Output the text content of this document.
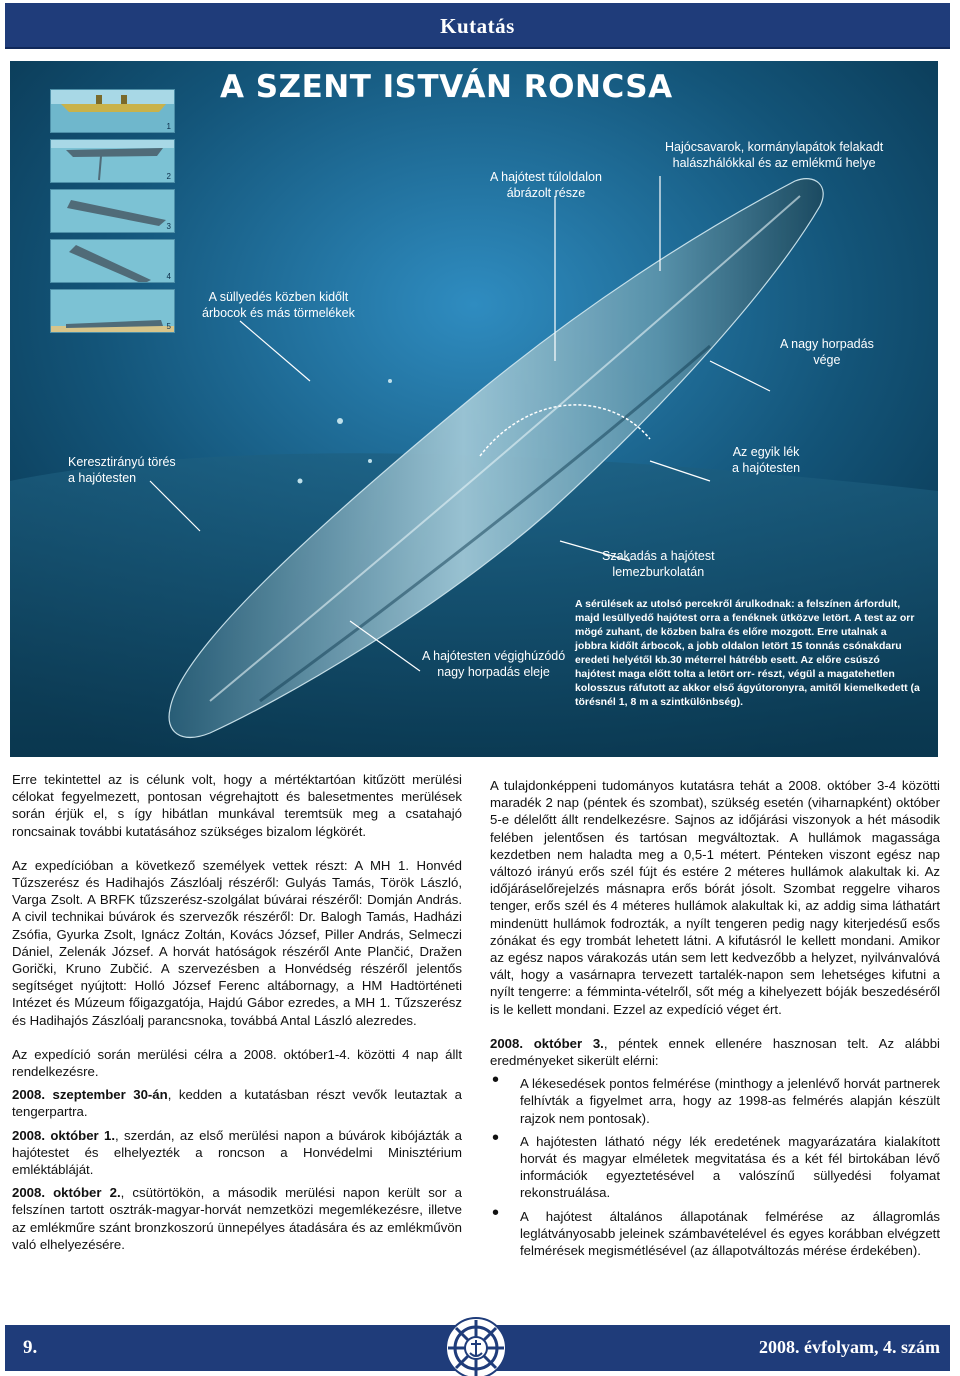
Kutatás
1
2
3
4
5
A SZENT ISTVÁN RONCSA
A hajótest túloldalon
ábrázolt része
Hajócsavarok, kormánylapátok felakadt
halászhálókkal és az emlékmű helye
A süllyedés közben kidőlt
árbocok és más törmelékek
A nagy horpadás
vége
Keresztirányú törés
a hajótesten
Az egyik lék
a hajótesten
Szakadás a hajótest
lemezburkolatán
A hajótesten végighúzódó
nagy horpadás eleje
A sérülések az utolsó percekről árulkodnak: a felszínen árfordult, majd lesüllyedő hajótest orra a fenéknek ütközve letört. A test az orr mögé zuhant, de közben balra és előre mozgott. Erre utalnak a jobbra kidőlt árbocok, a jobb oldalon letört 15 tonnás csónakdaru eredeti helyétől kb.30 méterrel hátrébb esett. Az előre csúszó hajótest maga előtt tolta a letört orr- részt, végül a magatehetlen kolosszus ráfutott az akkor első ágyútoronyra, amitől kiemelkedett (a törésnél 1, 8 m a szintkülönbség).

Erre tekintettel az is célunk volt, hogy a mértéktartóan kitűzött merülési célokat fegyelmezett, pontosan végrehajtott és balesetmentes merülések során érjük el, s így hibátlan munkával teremtsük meg a csatahajó roncsainak további kutatásához szükséges bizalom légkörét.

Az expedícióban a következő személyek vettek részt: A MH 1. Honvéd Tűzszerész és Hadihajós Zászlóalj részéről: Gulyás Tamás, Török László, Varga Zsolt. A BRFK tűzszerész-szolgálat búvárai részéről: Domján András. A civil technikai búvárok és szervezők részéről: Dr. Balogh Tamás, Hadházi Zsófia, Gyurka Zsolt, Ignácz Zoltán, Kovács József, Piller András, Selmeczi Dániel, Zelenák József. A horvát hatóságok részéről Ante Plančić, Dražen Gorički, Kruno Zubčić. A szervezésben a Honvédség részéről jelentős segítséget nyújtott: Holló József Ferenc altábornagy, a HM Hadtörténeti Intézet és Múzeum főigazgatója, Hajdú Gábor ezredes, a MH 1. Tűzszerész és Hadihajós Zászlóalj parancsnoka, továbbá Antal László alezredes.

Az expedíció során merülési célra a 2008. október1-4. közötti 4 nap állt rendelkezésre.

2008. szeptember 30-án, kedden a kutatásban részt vevők leutaztak a tengerpartra.

2008. október 1., szerdán, az első merülési napon a búvárok kibójázták a hajótestet és elhelyezték a roncson a Honvédelmi Minisztérium emléktábláját.

2008. október 2., csütörtökön, a második merülési napon került sor a felszínen tartott osztrák-magyar-horvát nemzetközi megemlékezésre, illetve az emlékműre szánt bronzkoszorú ünnepélyes átadására és az emlékművön való elhelyezésére.

A tulajdonképpeni tudományos kutatásra tehát a 2008. október 3-4 közötti maradék 2 nap (péntek és szombat), szükség esetén (viharnapként) október 5-e délelőtt állt rendelkezésre. Sajnos az időjárási viszonyok a hét második felében jelentősen és tartósan megváltoztak. A hullámok magassága kezdetben nem haladta meg a 0,5-1 métert. Pénteken viszont egész nap változó irányú erős szél fújt és estére 2 méteres hullámok alakultak ki. Az időjáráselőrejelzés másnapra erős bórát jósolt. Szombat reggelre viharos tenger, erős szél és 4 méteres hullámok alakultak ki, az addig sima láthatárt mindenütt hullámok fodrozták, a nyílt tengeren pedig nagy kiterjedésű esős zónákat és egy trombát lehetett látni. A kifutásról le kellett mondani. Amikor az egész napos várakozás után sem lett kedvezőbb a helyzet, nyilvánvalóvá vált, hogy a vasárnapra tervezett tartalék-napon sem lehetséges kifutni a nyílt tengerre: a fémminta-vételről, sőt még a kihelyezett bóják beszedéséről is le kellett mondani. Ezzel az expedíció véget ért.

2008. október 3., péntek ennek ellenére hasznosan telt. Az alábbi eredményeket sikerült elérni:

• A lékesedések pontos felmérése (minthogy a jelenlévő horvát partnerek felhívták a figyelmet arra, hogy az 1998-as felmérés alapján készült rajzok nem pontosak).
• A hajótesten látható négy lék eredetének magyarázatára kialakított horvát és magyar elméletek megvitatása és a két fél birtokában lévő információk egyeztetésével a valószínű süllyedési folyamat rekonstruálása.
• A hajótest általános állapotának felmérése az állagromlás leglátványosabb jeleinek számbavételével és egyes korábban elvégzett felmérések megismétlésével (az állapotváltozás mérése érdekében).
9.	2008. évfolyam, 4. szám
